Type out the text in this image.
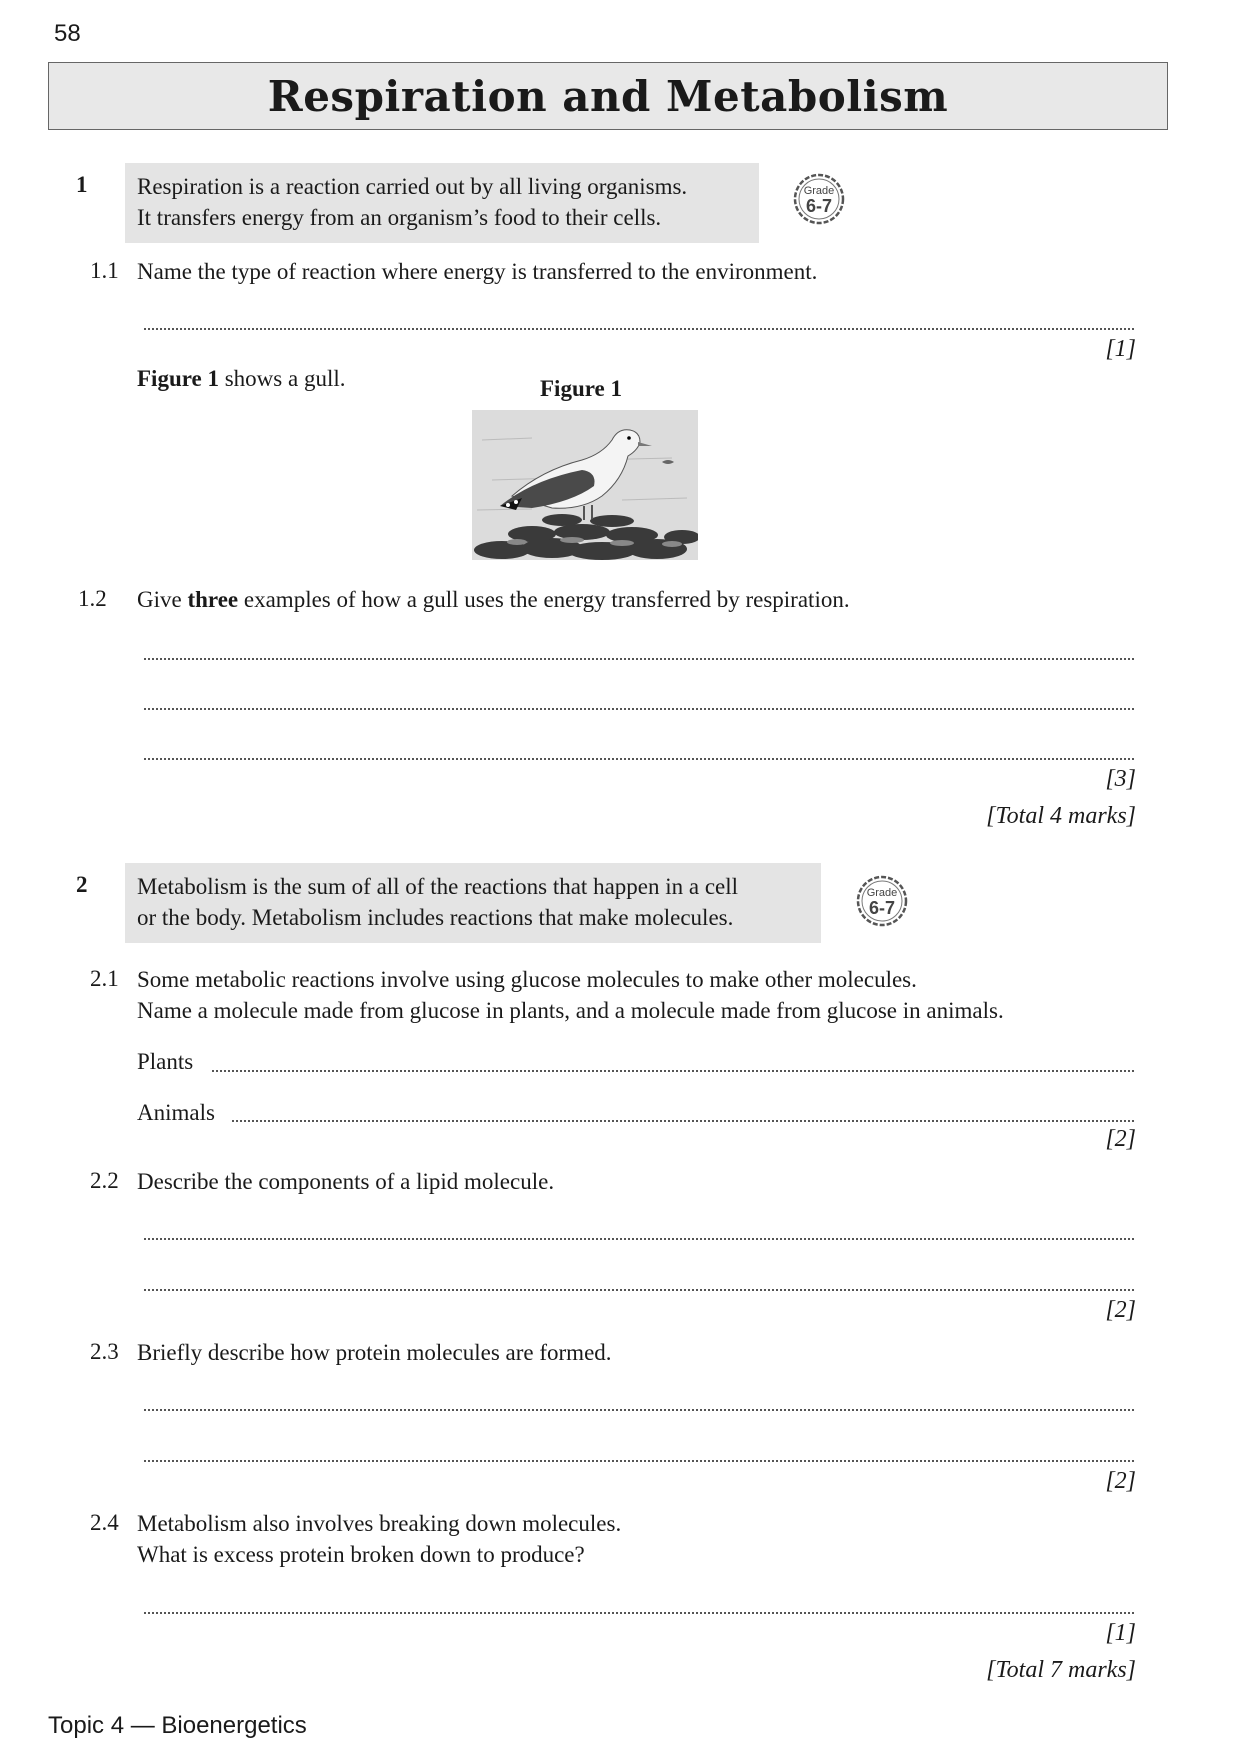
58
Respiration and Metabolism
1 Respiration is a reaction carried out by all living organisms.
It transfers energy from an organism’s food to their cells.
Grade
6-7
1.1 Name the type of reaction where energy is transferred to the environment.
[1]
Figure 1 shows a gull.	Figure 1
1.2 Give three examples of how a gull uses the energy transferred by respiration.
[3]
[Total 4 marks]
2 Metabolism is the sum of all of the reactions that happen in a cell
or the body. Metabolism includes reactions that make molecules.
Grade
6-7
2.1 Some metabolic reactions involve using glucose molecules to make other molecules.
Name a molecule made from glucose in plants, and a molecule made from glucose in animals.
Plants
Animals
[2]
2.2 Describe the components of a lipid molecule.
[2]
2.3 Briefly describe how protein molecules are formed.
[2]
2.4 Metabolism also involves breaking down molecules.
What is excess protein broken down to produce?
[1]
[Total 7 marks]
Topic 4 — Bioenergetics
